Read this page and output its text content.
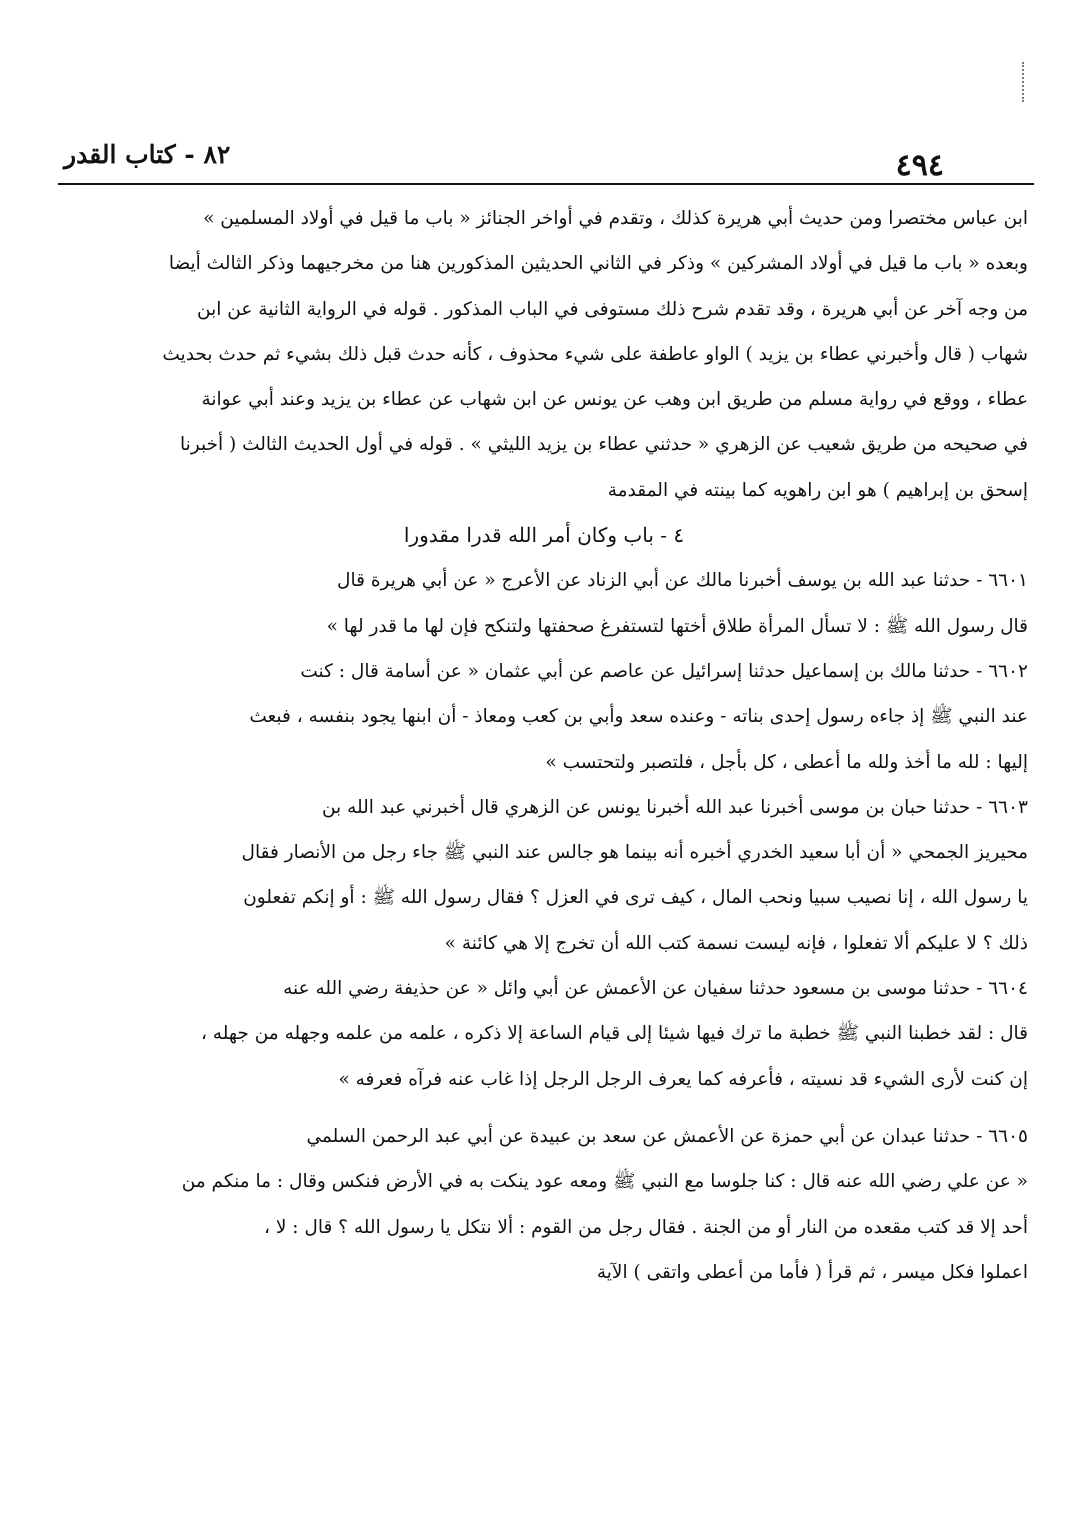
٨٢ - كتاب القدر	٤٩٤
ابن عباس مختصرا ومن حديث أبي هريرة كذلك ، وتقدم في أواخر الجنائز « باب ما قيل في أولاد المسلمين »
وبعده « باب ما قيل في أولاد المشركين » وذكر في الثاني الحديثين المذكورين هنا من مخرجيهما وذكر الثالث أيضا
من وجه آخر عن أبي هريرة ، وقد تقدم شرح ذلك مستوفى في الباب المذكور . قوله في الرواية الثانية عن ابن
شهاب ( قال وأخبرني عطاء بن يزيد ) الواو عاطفة على شيء محذوف ، كأنه حدث قبل ذلك بشيء ثم حدث بحديث
عطاء ، ووقع في رواية مسلم من طريق ابن وهب عن يونس عن ابن شهاب عن عطاء بن يزيد وعند أبي عوانة
في صحيحه من طريق شعيب عن الزهري « حدثني عطاء بن يزيد الليثي » . قوله في أول الحديث الثالث ( أخبرنا
إسحق بن إبراهيم ) هو ابن راهويه كما بينته في المقدمة
٤ - باب وكان أمر الله قدرا مقدورا
٦٦٠١ - حدثنا عبد الله بن يوسف أخبرنا مالك عن أبي الزناد عن الأعرج « عن أبي هريرة قال
قال رسول الله ﷺ : لا تسأل المرأة طلاق أختها لتستفرغ صحفتها ولتنكح فإن لها ما قدر لها »
٦٦٠٢ - حدثنا مالك بن إسماعيل حدثنا إسرائيل عن عاصم عن أبي عثمان « عن أسامة قال : كنت
عند النبي ﷺ إذ جاءه رسول إحدى بناته - وعنده سعد وأبي بن كعب ومعاذ - أن ابنها يجود بنفسه ، فبعث
إليها : لله ما أخذ ولله ما أعطى ، كل بأجل ، فلتصبر ولتحتسب »
٦٦٠٣ - حدثنا حبان بن موسى أخبرنا عبد الله أخبرنا يونس عن الزهري قال أخبرني عبد الله بن
محيريز الجمحي « أن أبا سعيد الخدري أخبره أنه بينما هو جالس عند النبي ﷺ جاء رجل من الأنصار فقال
يا رسول الله ، إنا نصيب سبيا ونحب المال ، كيف ترى في العزل ؟ فقال رسول الله ﷺ : أو إنكم تفعلون
ذلك ؟ لا عليكم ألا تفعلوا ، فإنه ليست نسمة كتب الله أن تخرج إلا هي كائنة »
٦٦٠٤ - حدثنا موسى بن مسعود حدثنا سفيان عن الأعمش عن أبي وائل « عن حذيفة رضي الله عنه
قال : لقد خطبنا النبي ﷺ خطبة ما ترك فيها شيئا إلى قيام الساعة إلا ذكره ، علمه من علمه وجهله من جهله ،
إن كنت لأرى الشيء قد نسيته ، فأعرفه كما يعرف الرجل الرجل إذا غاب عنه فرآه فعرفه »
٦٦٠٥ - حدثنا عبدان عن أبي حمزة عن الأعمش عن سعد بن عبيدة عن أبي عبد الرحمن السلمي
« عن علي رضي الله عنه قال : كنا جلوسا مع النبي ﷺ ومعه عود ينكت به في الأرض فنكس وقال : ما منكم من
أحد إلا قد كتب مقعده من النار أو من الجنة . فقال رجل من القوم : ألا نتكل يا رسول الله ؟ قال : لا ،
اعملوا فكل ميسر ، ثم قرأ ( فأما من أعطى واتقى ) الآية
